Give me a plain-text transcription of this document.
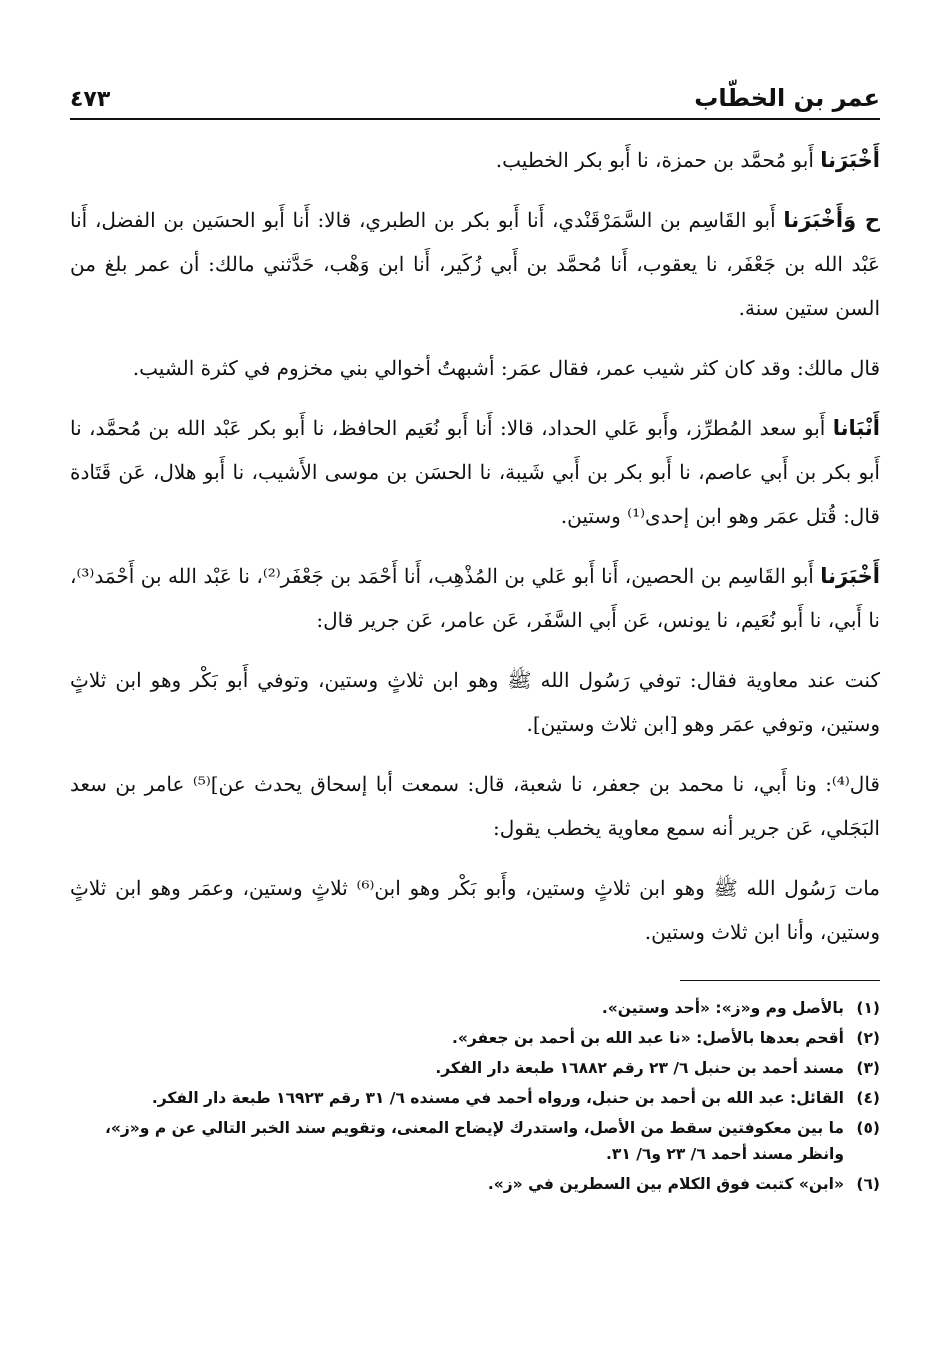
عمر بن الخطّاب
٤٧٣

أَخْبَرَنا أَبو مُحمَّد بن حمزة، نا أَبو بكر الخطيب.

ح وَأَخْبَرَنا أَبو القَاسِم بن السَّمَرْقَنْدي، أَنا أَبو بكر بن الطبري، قالا: أَنا أَبو الحسَين بن الفضل، أَنا عَبْد الله بن جَعْفَر، نا يعقوب، أَنا مُحمَّد بن أَبي زُكَير، أَنا ابن وَهْب، حَدَّثني مالك: أن عمر بلغ من السن ستين سنة.

قال مالك: وقد كان كثر شيب عمر، فقال عمَر: أشبهتُ أخوالي بني مخزوم في كثرة الشيب.

أَنْبَانا أَبو سعد المُطرِّز، وأَبو عَلي الحداد، قالا: أَنا أَبو نُعَيم الحافظ، نا أَبو بكر عَبْد الله بن مُحمَّد، نا أَبو بكر بن أَبي عاصم، نا أَبو بكر بن أَبي شَيبة، نا الحسَن بن موسى الأَشيب، نا أَبو هلال، عَن قَتَادة قال: قُتل عمَر وهو ابن إحدى⁽¹⁾ وستين.

أَخْبَرَنا أَبو القَاسِم بن الحصين، أَنا أَبو عَلي بن المُذْهِب، أَنا أَحْمَد بن جَعْفَر⁽²⁾، نا عَبْد الله بن أَحْمَد⁽³⁾، نا أَبي، نا أَبو نُعَيم، نا يونس، عَن أَبي السَّفَر، عَن عامر، عَن جرير قال:

كنت عند معاوية فقال: توفي رَسُول الله ﷺ وهو ابن ثلاثٍ وستين، وتوفي أَبو بَكْر وهو ابن ثلاثٍ وستين، وتوفي عمَر وهو [ابن ثلاث وستين].

قال⁽⁴⁾: ونا أَبي، نا محمد بن جعفر، نا شعبة، قال: سمعت أبا إسحاق يحدث عن]⁽⁵⁾ عامر بن سعد البَجَلي، عَن جرير أنه سمع معاوية يخطب يقول:

مات رَسُول الله ﷺ وهو ابن ثلاثٍ وستين، وأَبو بَكْر وهو ابن⁽⁶⁾ ثلاثٍ وستين، وعمَر وهو ابن ثلاثٍ وستين، وأنا ابن ثلاث وستين.

(١)
بالأصل وم و«ز»: «أحد وستين».
(٢)
أقحم بعدها بالأصل: «نا عبد الله بن أحمد بن جعفر».
(٣)
مسند أحمد بن حنبل ٦/ ٢٣ رقم ١٦٨٨٢ طبعة دار الفكر.
(٤)
القائل: عبد الله بن أحمد بن حنبل، ورواه أحمد في مسنده ٦/ ٣١ رقم ١٦٩٢٣ طبعة دار الفكر.
(٥)
ما بين معكوفتين سقط من الأصل، واستدرك لإيضاح المعنى، وتقويم سند الخبر التالي عن م و«ز»، وانظر مسند أحمد ٦/ ٢٣ و٦/ ٣١.
(٦)
«ابن» كتبت فوق الكلام بين السطرين في «ز».
